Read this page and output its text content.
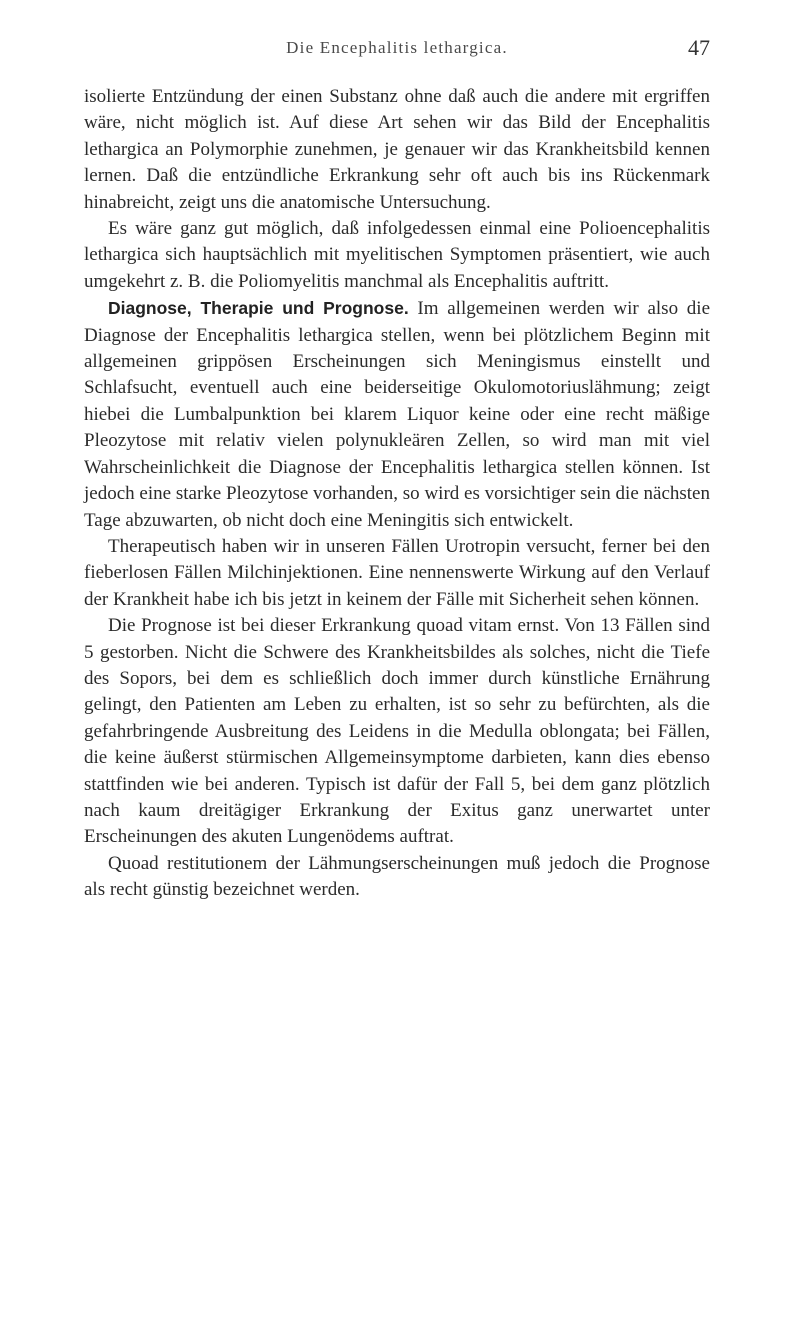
Die Encephalitis lethargica.	47

isolierte Entzündung der einen Substanz ohne daß auch die andere mit ergriffen wäre, nicht möglich ist. Auf diese Art sehen wir das Bild der Encephalitis lethargica an Polymorphie zunehmen, je genauer wir das Krankheitsbild kennen lernen. Daß die entzündliche Erkrankung sehr oft auch bis ins Rückenmark hinabreicht, zeigt uns die anatomische Untersuchung.

Es wäre ganz gut möglich, daß infolgedessen einmal eine Polioencephalitis lethargica sich hauptsächlich mit myelitischen Symptomen präsentiert, wie auch umgekehrt z. B. die Poliomyelitis manchmal als Encephalitis auftritt.

Diagnose, Therapie und Prognose. Im allgemeinen werden wir also die Diagnose der Encephalitis lethargica stellen, wenn bei plötzlichem Beginn mit allgemeinen grippösen Erscheinungen sich Meningismus einstellt und Schlafsucht, eventuell auch eine beiderseitige Okulomotoriuslähmung; zeigt hiebei die Lumbalpunktion bei klarem Liquor keine oder eine recht mäßige Pleozytose mit relativ vielen polynukleären Zellen, so wird man mit viel Wahrscheinlichkeit die Diagnose der Encephalitis lethargica stellen können. Ist jedoch eine starke Pleozytose vorhanden, so wird es vorsichtiger sein die nächsten Tage abzuwarten, ob nicht doch eine Meningitis sich entwickelt.

Therapeutisch haben wir in unseren Fällen Urotropin versucht, ferner bei den fieberlosen Fällen Milchinjektionen. Eine nennenswerte Wirkung auf den Verlauf der Krankheit habe ich bis jetzt in keinem der Fälle mit Sicherheit sehen können.

Die Prognose ist bei dieser Erkrankung quoad vitam ernst. Von 13 Fällen sind 5 gestorben. Nicht die Schwere des Krankheitsbildes als solches, nicht die Tiefe des Sopors, bei dem es schließlich doch immer durch künstliche Ernährung gelingt, den Patienten am Leben zu erhalten, ist so sehr zu befürchten, als die gefahrbringende Ausbreitung des Leidens in die Medulla oblongata; bei Fällen, die keine äußerst stürmischen Allgemeinsymptome darbieten, kann dies ebenso stattfinden wie bei anderen. Typisch ist dafür der Fall 5, bei dem ganz plötzlich nach kaum dreitägiger Erkrankung der Exitus ganz unerwartet unter Erscheinungen des akuten Lungenödems auftrat.

Quoad restitutionem der Lähmungserscheinungen muß jedoch die Prognose als recht günstig bezeichnet werden.
